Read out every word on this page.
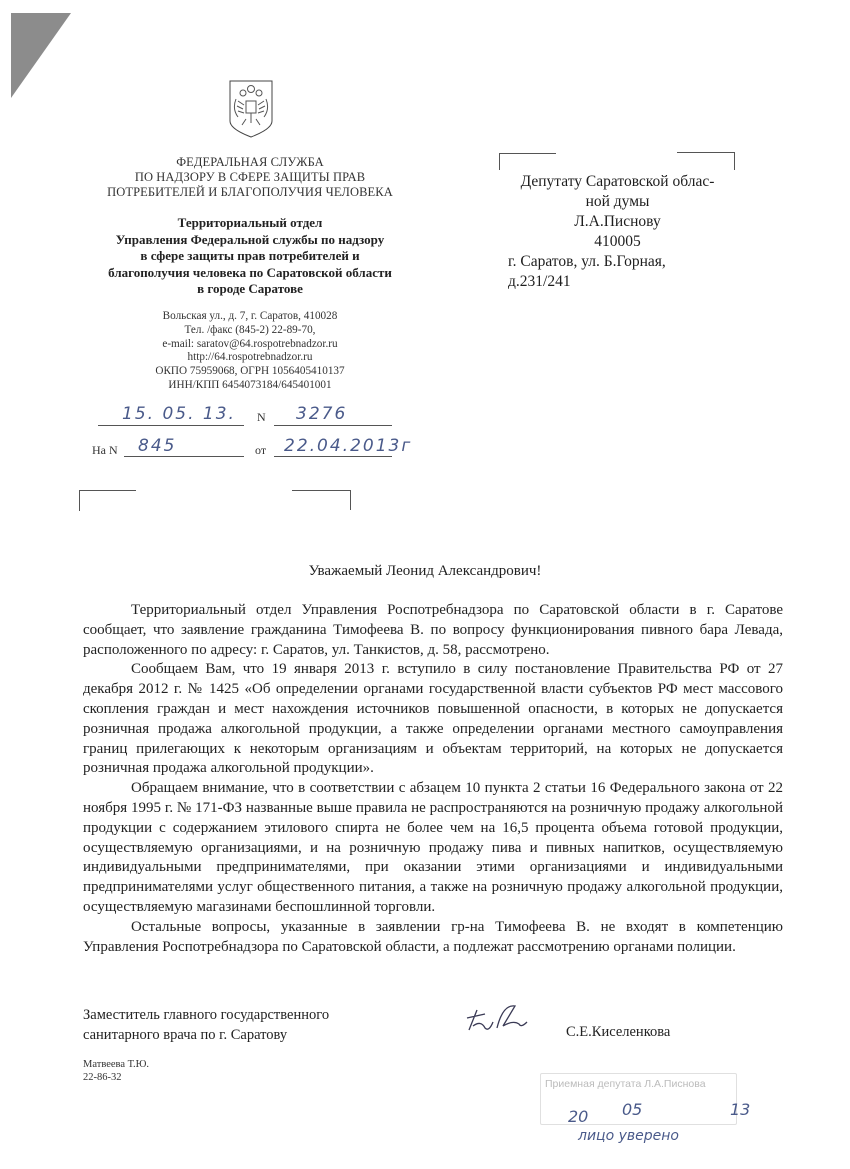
ФЕДЕРАЛЬНАЯ СЛУЖБА
ПО НАДЗОРУ В СФЕРЕ ЗАЩИТЫ ПРАВ
ПОТРЕБИТЕЛЕЙ И БЛАГОПОЛУЧИЯ ЧЕЛОВЕКА
Территориальный отдел
Управления Федеральной службы по надзору
в сфере защиты прав потребителей и
благополучия человека по Саратовской области
в городе Саратове
Вольская ул., д. 7, г. Саратов, 410028
Тел. /факс (845-2) 22-89-70,
e-mail: saratov@64.rospotrebnadzor.ru
http://64.rospotrebnadzor.ru
ОКПО 75959068, ОГРН 1056405410137
ИНН/КПП 6454073184/645401001
15. 05. 13. N 3276
На N 845	от 22.04.2013г
Депутату Саратовской облас-
ной думы
Л.А.Писнову
410005
г. Саратов, ул. Б.Горная,
д.231/241
Уважаемый Леонид Александрович!

Территориальный отдел Управления Роспотребнадзора по Саратовской области в г. Саратове сообщает, что заявление гражданина Тимофеева В. по вопросу функционирования пивного бара Левада, расположенного по адресу: г. Саратов, ул. Танкистов, д. 58, рассмотрено.

Сообщаем Вам, что 19 января 2013 г. вступило в силу постановление Правительства РФ от 27 декабря 2012 г. № 1425 «Об определении органами государственной власти субъектов РФ мест массового скопления граждан и мест нахождения источников повышенной опасности, в которых не допускается розничная продажа алкогольной продукции, а также определении органами местного самоуправления границ прилегающих к некоторым организациям и объектам территорий, на которых не допускается розничная продажа алкогольной продукции».

Обращаем внимание, что в соответствии с абзацем 10 пункта 2 статьи 16 Федерального закона от 22 ноября 1995 г. № 171-ФЗ названные выше правила не распространяются на розничную продажу алкогольной продукции с содержанием этилового спирта не более чем на 16,5 процента объема готовой продукции, осуществляемую организациями, и на розничную продажу пива и пивных напитков, осуществляемую индивидуальными предпринимателями, при оказании этими организациями и индивидуальными предпринимателями услуг общественного питания, а также на розничную продажу алкогольной продукции, осуществляемую магазинами беспошлинной торговли.

Остальные вопросы, указанные в заявлении гр-на Тимофеева В. не входят в компетенцию Управления Роспотребнадзора по Саратовской области, а подлежат рассмотрению органами полиции.

Заместитель главного государственного
санитарного врача по г. Саратову	С.Е.Киселенкова
Матвеева Т.Ю.
22-86-32
Приемная депутата Л.А.Писнова
20 05	13
лицо уверено
